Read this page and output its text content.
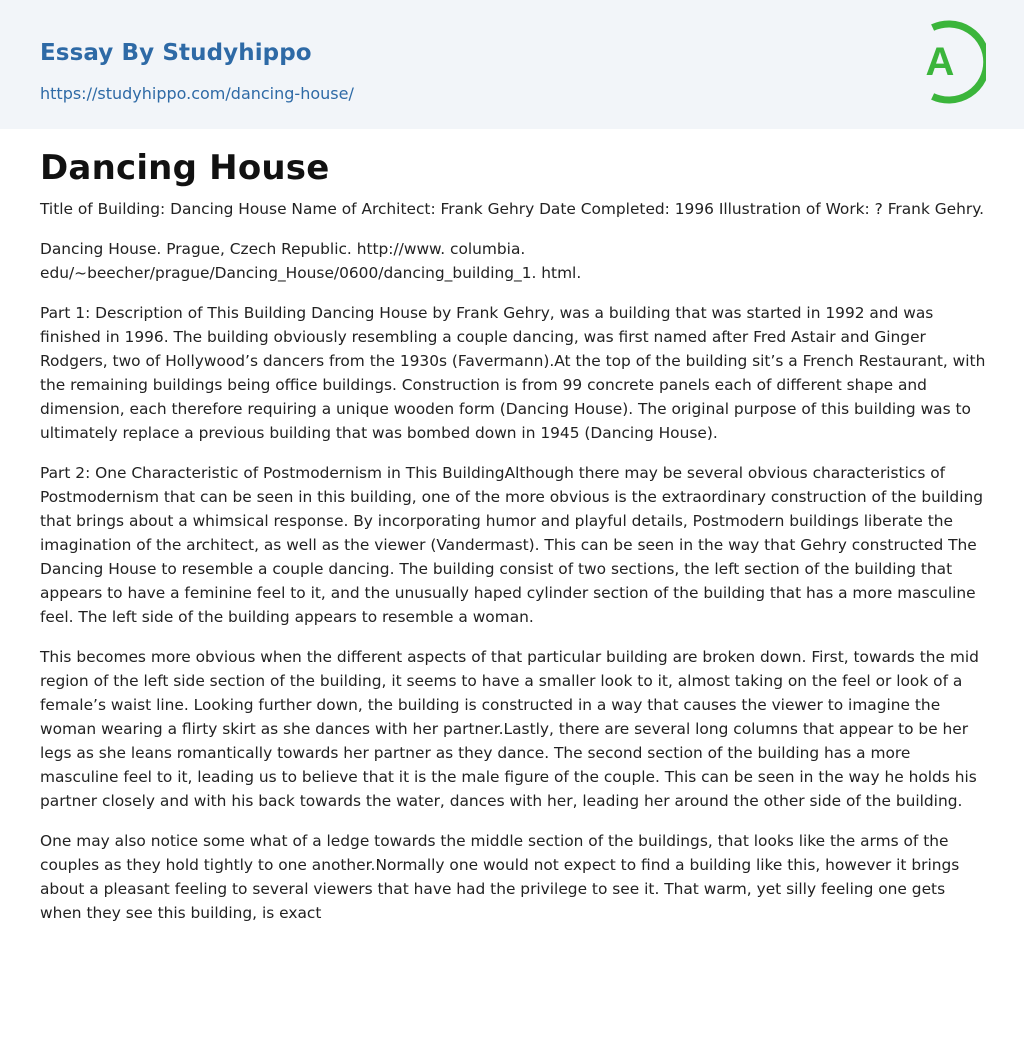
Essay By Studyhippo
https://studyhippo.com/dancing-house/
A
Dancing House

Title of Building: Dancing House Name of Architect: Frank Gehry Date Completed: 1996 Illustration of Work: ? Frank Gehry.

Dancing House. Prague, Czech Republic. http://www. columbia. edu/~beecher/prague/Dancing_House/0600/dancing_building_1. html.

Part 1: Description of This Building Dancing House by Frank Gehry, was a building that was started in 1992 and was finished in 1996. The building obviously resembling a couple dancing, was first named after Fred Astair and Ginger Rodgers, two of Hollywood’s dancers from the 1930s (Favermann).At the top of the building sit’s a French Restaurant, with the remaining buildings being office buildings. Construction is from 99 concrete panels each of different shape and dimension, each therefore requiring a unique wooden form (Dancing House). The original purpose of this building was to ultimately replace a previous building that was bombed down in 1945 (Dancing House).

Part 2: One Characteristic of Postmodernism in This BuildingAlthough there may be several obvious characteristics of Postmodernism that can be seen in this building, one of the more obvious is the extraordinary construction of the building that brings about a whimsical response. By incorporating humor and playful details, Postmodern buildings liberate the imagination of the architect, as well as the viewer (Vandermast). This can be seen in the way that Gehry constructed The Dancing House to resemble a couple dancing. The building consist of two sections, the left section of the building that appears to have a feminine feel to it, and the unusually haped cylinder section of the building that has a more masculine feel. The left side of the building appears to resemble a woman.

This becomes more obvious when the different aspects of that particular building are broken down. First, towards the mid region of the left side section of the building, it seems to have a smaller look to it, almost taking on the feel or look of a female’s waist line. Looking further down, the building is constructed in a way that causes the viewer to imagine the woman wearing a flirty skirt as she dances with her partner.Lastly, there are several long columns that appear to be her legs as she leans romantically towards her partner as they dance. The second section of the building has a more masculine feel to it, leading us to believe that it is the male figure of the couple. This can be seen in the way he holds his partner closely and with his back towards the water, dances with her, leading her around the other side of the building.

One may also notice some what of a ledge towards the middle section of the buildings, that looks like the arms of the couples as they hold tightly to one another.Normally one would not expect to find a building like this, however it brings about a pleasant feeling to several viewers that have had the privilege to see it. That warm, yet silly feeling one gets when they see this building, is exact
